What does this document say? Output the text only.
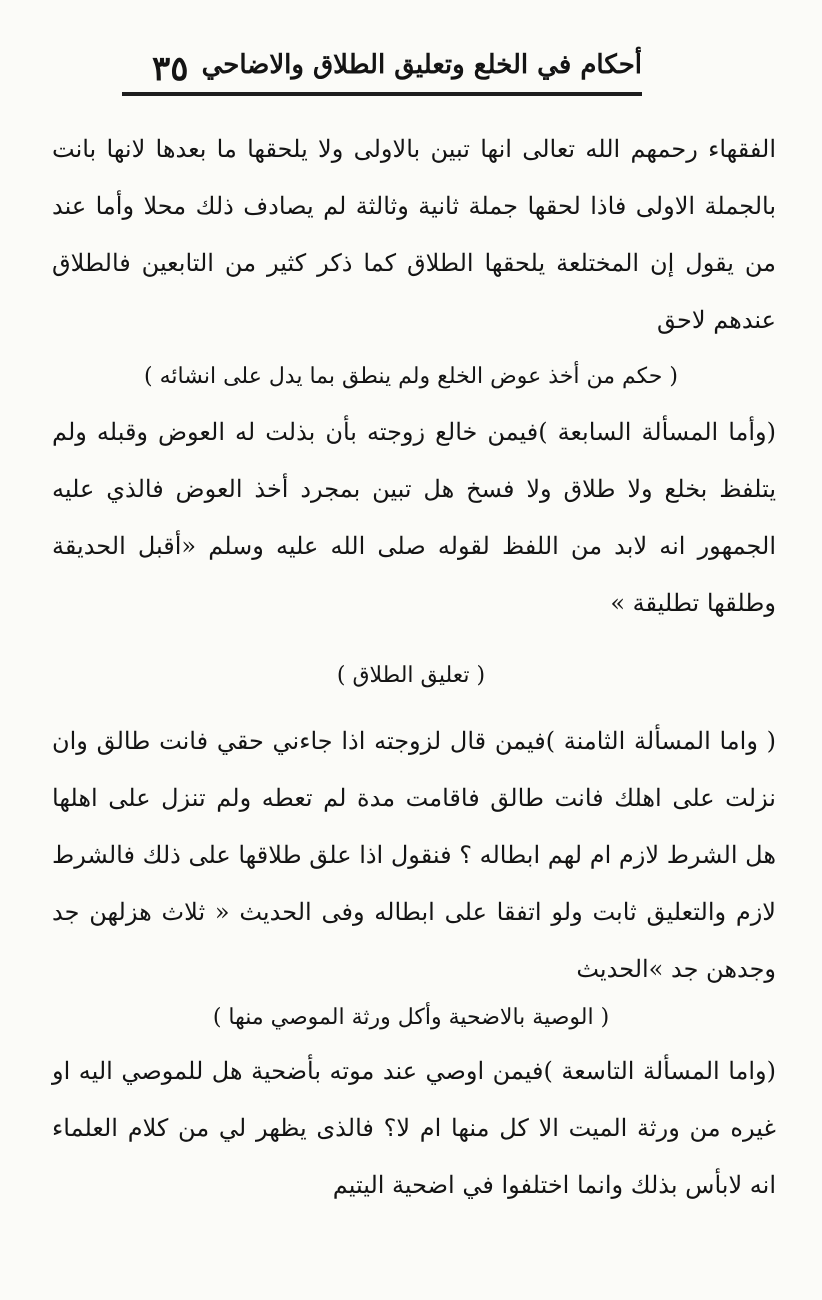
٣٥ أحكام في الخلع وتعليق الطلاق والاضاحي

الفقهاء رحمهم الله تعالى انها تبين بالاولى ولا يلحقها ما بعدها لانها بانت بالجملة الاولى فاذا لحقها جملة ثانية وثالثة لم يصادف ذلك محلا وأما عند من يقول إن المختلعة يلحقها الطلاق كما ذكر كثير من التابعين فالطلاق عندهم لاحق

( حكم من أخذ عوض الخلع ولم ينطق بما يدل على انشائه )

(وأما المسألة السابعة )فيمن خالع زوجته بأن بذلت له العوض وقبله ولم يتلفظ بخلع ولا طلاق ولا فسخ هل تبين بمجرد أخذ العوض فالذي عليه الجمهور انه لابد من اللفظ لقوله صلى الله عليه وسلم «أقبل الحديقة وطلقها تطليقة »

( تعليق الطلاق )

( واما المسألة الثامنة )فيمن قال لزوجته اذا جاءني حقي فانت طالق وان نزلت على اهلك فانت طالق فاقامت مدة لم تعطه ولم تنزل على اهلها هل الشرط لازم ام لهم ابطاله ؟ فنقول اذا علق طلاقها على ذلك فالشرط لازم والتعليق ثابت ولو اتفقا على ابطاله وفى الحديث « ثلاث هزلهن جد وجدهن جد »الحديث

( الوصية بالاضحية وأكل ورثة الموصي منها )

(واما المسألة التاسعة )فيمن اوصي عند موته بأضحية هل للموصي اليه او غيره من ورثة الميت الا كل منها ام لا؟ فالذى يظهر لي من كلام العلماء انه لابأس بذلك وانما اختلفوا في اضحية اليتيم
